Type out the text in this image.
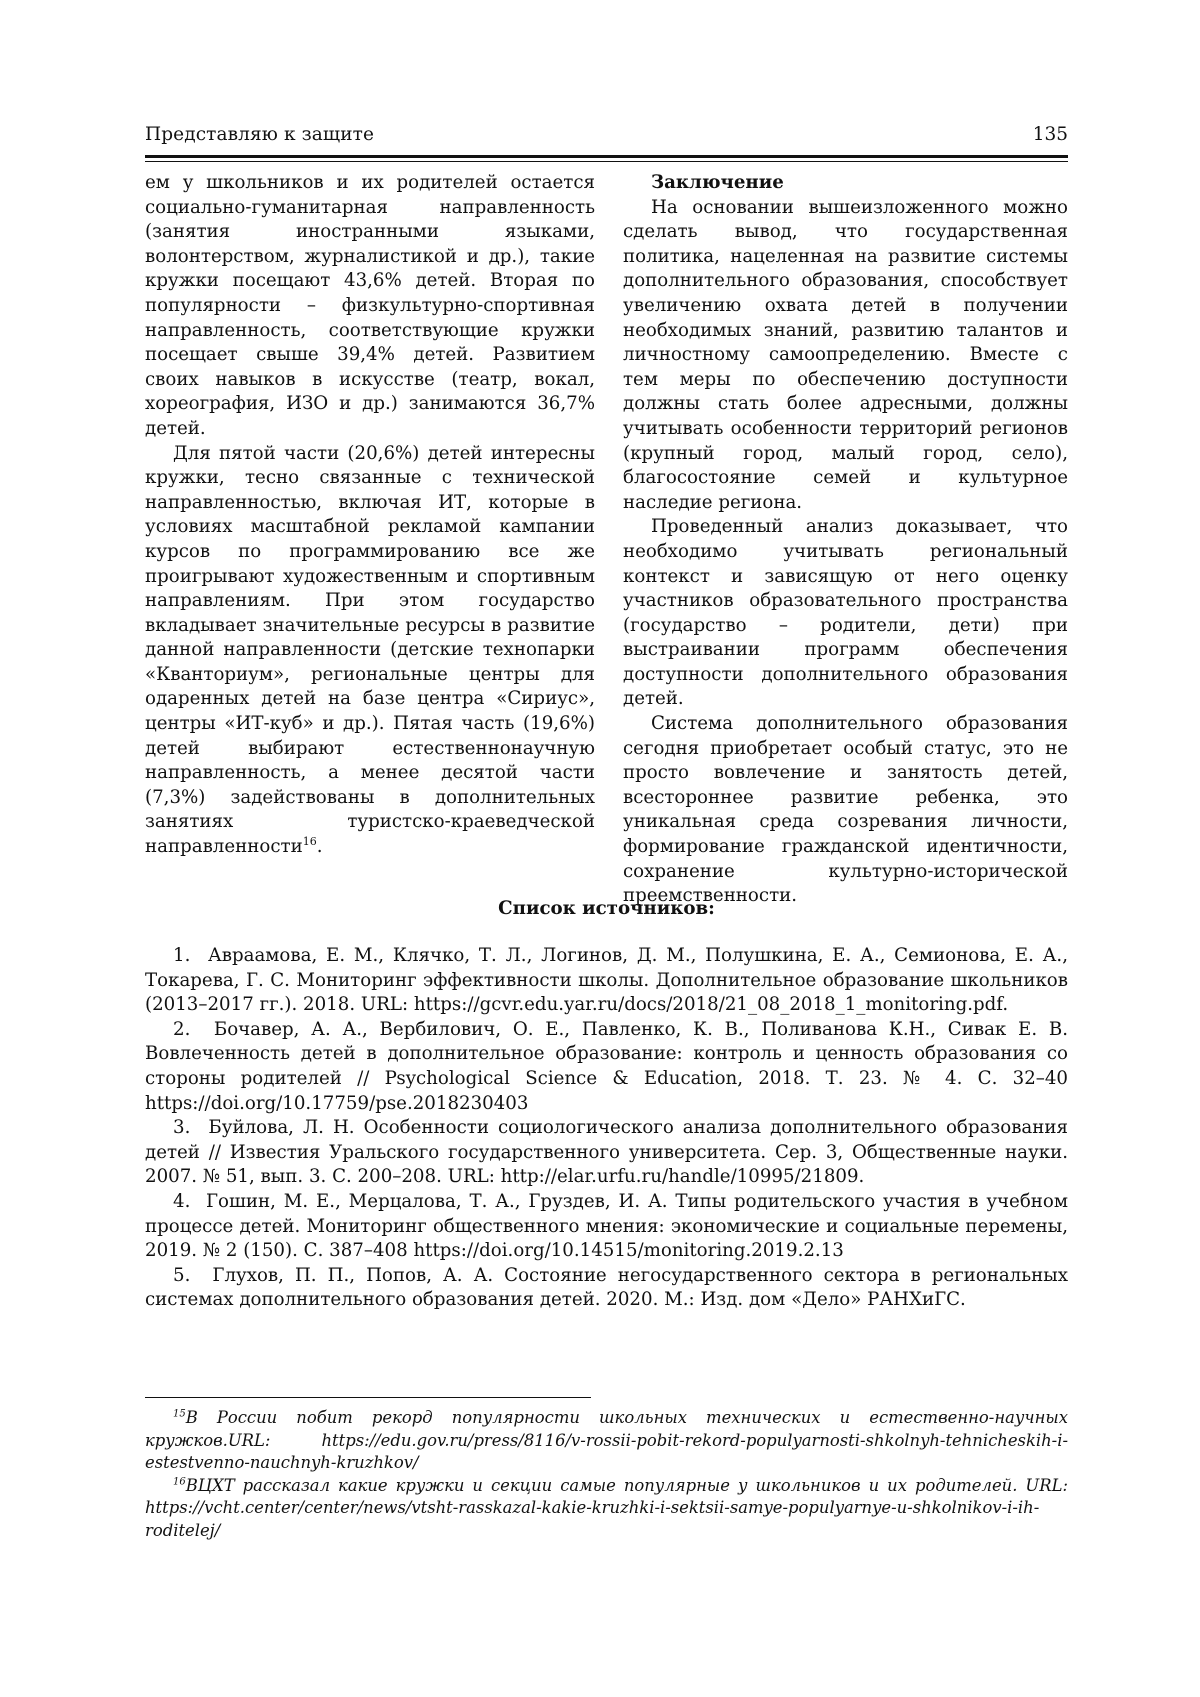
Представляю к защите	135

ем у школьников и их родителей остается социально-гуманитарная направленность (занятия иностранными языками, волонтерством, журналистикой и др.), такие кружки посещают 43,6% детей. Вторая по популярности – физкультурно-спортивная направленность, соответствующие кружки посещает свыше 39,4% детей. Развитием своих навыков в искусстве (театр, вокал, хореография, ИЗО и др.) занимаются 36,7% детей.

Для пятой части (20,6%) детей интересны кружки, тесно связанные с технической направленностью, включая ИТ, которые в условиях масштабной рекламой кампании курсов по программированию все же проигрывают художественным и спортивным направлениям. При этом государство вкладывает значительные ресурсы в развитие данной направленности (детские технопарки «Кванториум», региональные центры для одаренных детей на базе центра «Сириус», центры «ИТ-куб» и др.). Пятая часть (19,6%) детей выбирают естественнонаучную направленность, а менее десятой части (7,3%) задействованы в дополнительных занятиях туристско-краеведческой направленности$^{16}$.

Заключение

На основании вышеизложенного можно сделать вывод, что государственная политика, нацеленная на развитие системы дополнительного образования, способствует увеличению охвата детей в получении необходимых знаний, развитию талантов и личностному самоопределению. Вместе с тем меры по обеспечению доступности должны стать более адресными, должны учитывать особенности территорий регионов (крупный город, малый город, село), благосостояние семей и культурное наследие региона.

Проведенный анализ доказывает, что необходимо учитывать региональный контекст и зависящую от него оценку участников образовательного пространства (государство – родители, дети) при выстраивании программ обеспечения доступности дополнительного образования детей.

Система дополнительного образования сегодня приобретает особый статус, это не просто вовлечение и занятость детей, всестороннее развитие ребенка, это уникальная среда созревания личности, формирование гражданской идентичности, сохранение культурно-исторической преемственности.

Список источников:

1.  Авраамова, Е. М., Клячко, Т. Л., Логинов, Д. М., Полушкина, Е. А., Семионова, Е. А., Токарева, Г. С. Мониторинг эффективности школы. Дополнительное образование школьников (2013–2017 гг.). 2018. URL: https://gcvr.edu.yar.ru/docs/2018/21_08_2018_1_monitoring.pdf.

2.  Бочавер, А. А., Вербилович, О. Е., Павленко, К. В., Поливанова К.Н., Сивак Е. В. Вовлеченность детей в дополнительное образование: контроль и ценность образования со стороны родителей // Psychological Science & Education, 2018. Т. 23. № 4. С. 32–40 https://doi.org/10.17759/pse.2018230403

3.  Буйлова, Л. Н. Особенности социологического анализа дополнительного образования детей // Известия Уральского государственного университета. Сер. 3, Общественные науки. 2007. № 51, вып. 3. С. 200–208. URL: http://elar.urfu.ru/handle/10995/21809.

4.  Гошин, М. Е., Мерцалова, Т. А., Груздев, И. А. Типы родительского участия в учебном процессе детей. Мониторинг общественного мнения: экономические и социальные перемены, 2019. № 2 (150). С. 387–408 https://doi.org/10.14515/monitoring.2019.2.13

5.  Глухов, П. П., Попов, А. А. Состояние негосударственного сектора в региональных системах дополнительного образования детей. 2020. М.: Изд. дом «Дело» РАНХиГС.

$^{15}$В России побит рекорд популярности школьных технических и естественно-научных кружков.URL: https://edu.gov.ru/press/8116/v-rossii-pobit-rekord-populyarnosti-shkolnyh-tehnicheskih-i-estestvenno-nauchnyh-kruzhkov/

$^{16}$ВЦХТ рассказал какие кружки и секции самые популярные у школьников и их родителей. URL: https://vcht.center/center/news/vtsht-rasskazal-kakie-kruzhki-i-sektsii-samye-populyarnye-u-shkolnikov-i-ih-roditelej/
